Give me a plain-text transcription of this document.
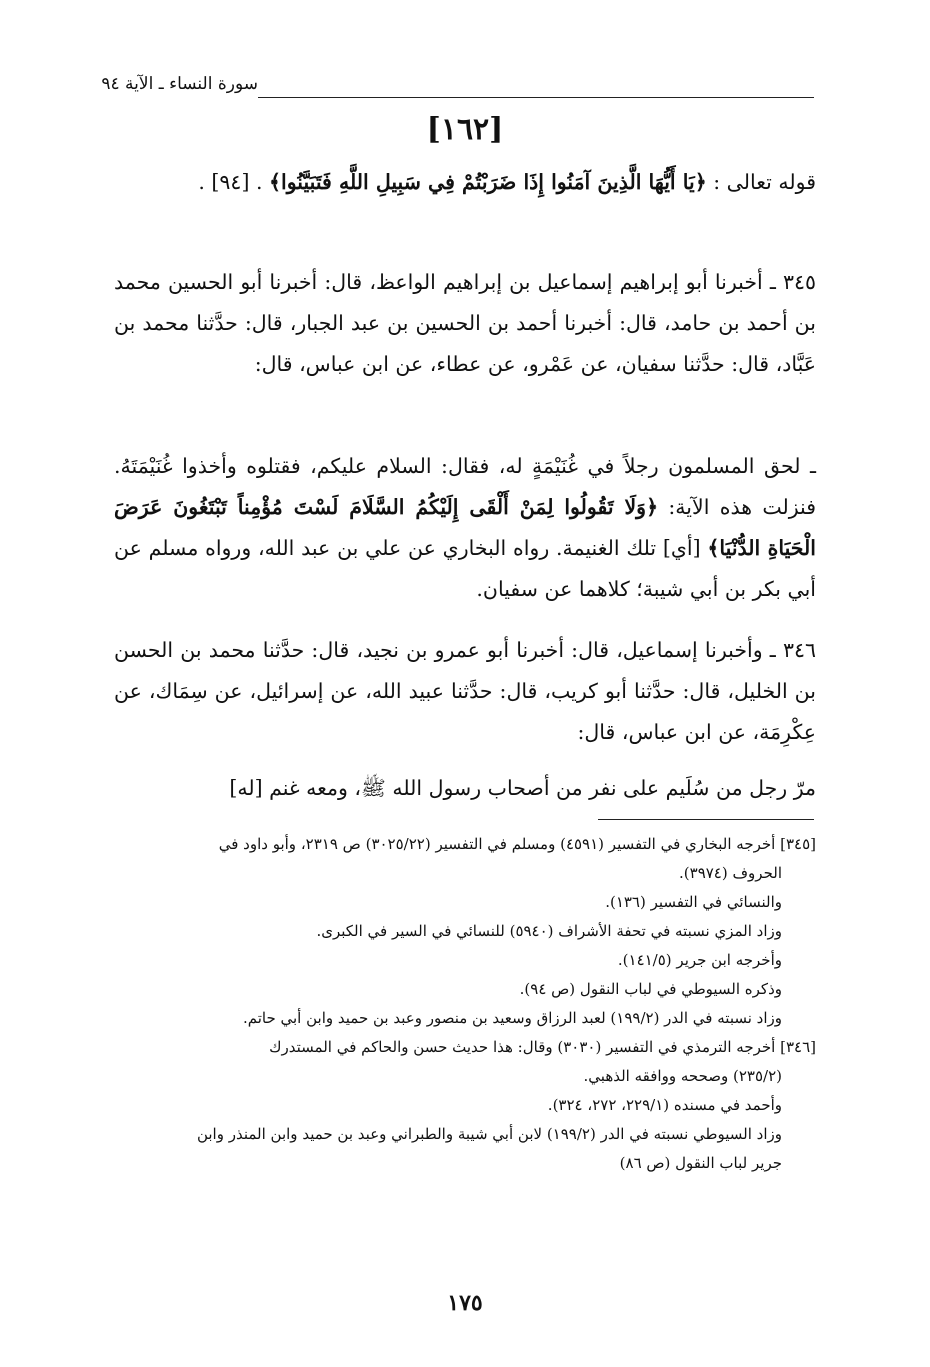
سورة النساء ـ الآية ٩٤
[١٦٢]

قوله تعالى : ﴿يَا أَيُّهَا الَّذِينَ آمَنُوا إِذَا ضَرَبْتُمْ فِي سَبِيلِ اللَّهِ فَتَبَيَّنُوا﴾ . [٩٤] .

٣٤٥ ـ أخبرنا أبو إبراهيم إسماعيل بن إبراهيم الواعظ، قال: أخبرنا أبو الحسين محمد بن أحمد بن حامد، قال: أخبرنا أحمد بن الحسين بن عبد الجبار، قال: حدَّثنا محمد بن عَبَّاد، قال: حدَّثنا سفيان، عن عَمْرو، عن عطاء، عن ابن عباس، قال:

ـ لحق المسلمون رجلاً في غُنَيْمَةٍ له، فقال: السلام عليكم، فقتلوه وأخذوا غُنَيْمَتَهُ. فنزلت هذه الآية: ﴿وَلَا تَقُولُوا لِمَنْ أَلْقَى إِلَيْكُمُ السَّلَامَ لَسْتَ مُؤْمِناً تَبْتَغُونَ عَرَضَ الْحَيَاةِ الدُّنْيَا﴾ [أي] تلك الغنيمة. رواه البخاري عن علي بن عبد الله، ورواه مسلم عن أبي بكر بن أبي شيبة؛ كلاهما عن سفيان.

٣٤٦ ـ وأخبرنا إسماعيل، قال: أخبرنا أبو عمرو بن نجيد، قال: حدَّثنا محمد بن الحسن بن الخليل، قال: حدَّثنا أبو كريب، قال: حدَّثنا عبيد الله، عن إسرائيل، عن سِمَاك، عن عِكْرِمَة، عن ابن عباس، قال:

مرّ رجل من سُلَيم على نفر من أصحاب رسول الله ﷺ، ومعه غنم [له]

[٣٤٥] أخرجه البخاري في التفسير (٤٥٩١) ومسلم في التفسير (٣٠٢٥/٢٢) ص ٢٣١٩، وأبو داود في
الحروف (٣٩٧٤).
والنسائي في التفسير (١٣٦).
وزاد المزي نسبته في تحفة الأشراف (٥٩٤٠) للنسائي في السير في الكبرى.
وأخرجه ابن جرير (١٤١/٥).
وذكره السيوطي في لباب النقول (ص ٩٤).
وزاد نسبته في الدر (١٩٩/٢) لعبد الرزاق وسعيد بن منصور وعبد بن حميد وابن أبي حاتم.
[٣٤٦] أخرجه الترمذي في التفسير (٣٠٣٠) وقال: هذا حديث حسن والحاكم في المستدرك
(٢٣٥/٢) وصححه ووافقه الذهبي.
وأحمد في مسنده (٢٢٩/١، ٢٧٢، ٣٢٤).
وزاد السيوطي نسبته في الدر (١٩٩/٢) لابن أبي شيبة والطبراني وعبد بن حميد وابن المنذر وابن
جرير لباب النقول (ص ٨٦)
١٧٥
